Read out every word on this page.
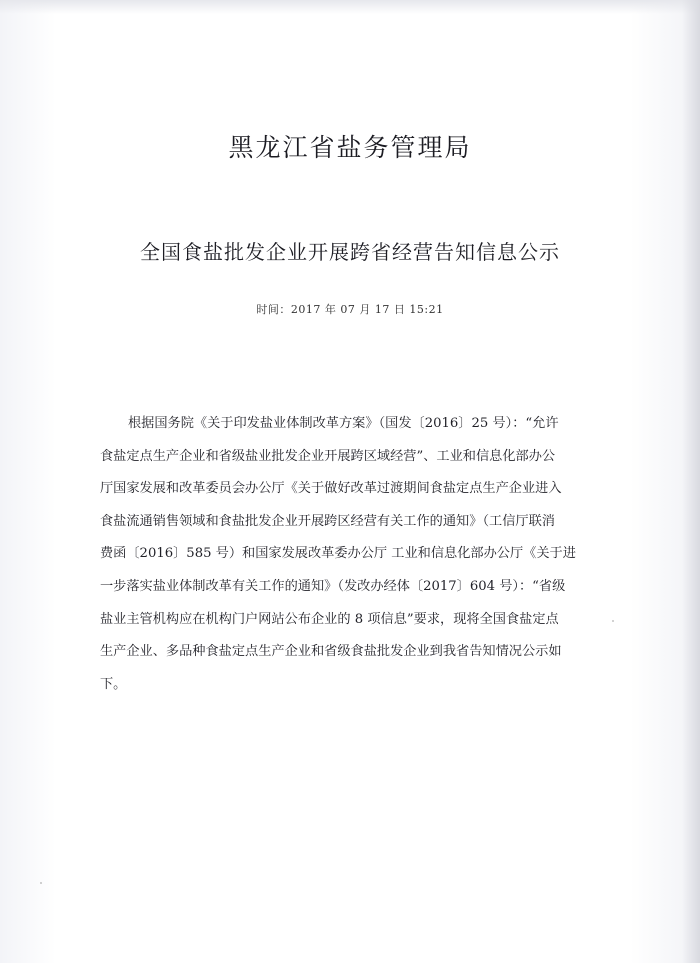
黑龙江省盐务管理局
全国食盐批发企业开展跨省经营告知信息公示
时间：2017 年 07 月 17 日 15:21
根据国务院《关于印发盐业体制改革方案》（国发〔2016〕25 号）：“允许
食盐定点生产企业和省级盐业批发企业开展跨区域经营”、工业和信息化部办公
厅国家发展和改革委员会办公厅《关于做好改革过渡期间食盐定点生产企业进入
食盐流通销售领域和食盐批发企业开展跨区经营有关工作的通知》（工信厅联消
费函〔2016〕585 号）和国家发展改革委办公厅 工业和信息化部办公厅《关于进
一步落实盐业体制改革有关工作的通知》（发改办经体〔2017〕604 号）：“省级
盐业主管机构应在机构门户网站公布企业的 8 项信息”要求，现将全国食盐定点
生产企业、多品种食盐定点生产企业和省级食盐批发企业到我省告知情况公示如
下。
